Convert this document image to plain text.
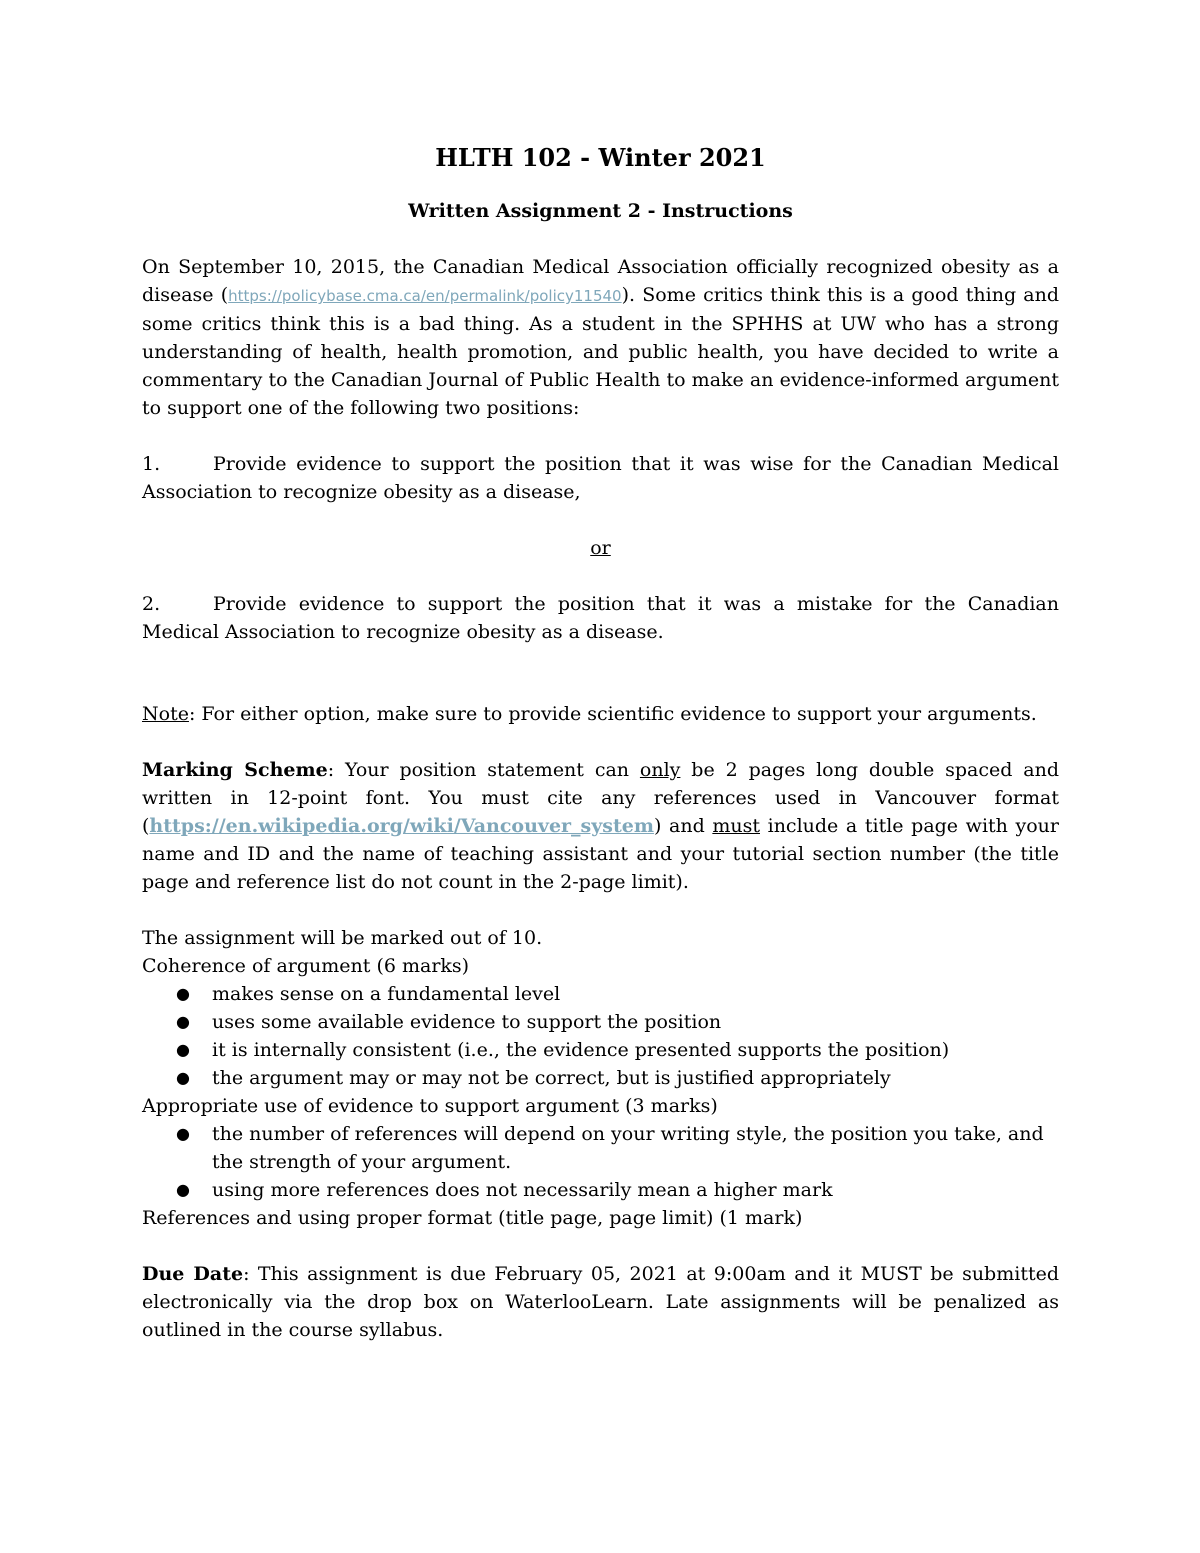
HLTH 102 - Winter 2021
Written Assignment 2 - Instructions

On September 10, 2015, the Canadian Medical Association officially recognized obesity as a disease (https://policybase.cma.ca/en/permalink/policy11540). Some critics think this is a good thing and some critics think this is a bad thing. As a student in the SPHHS at UW who has a strong understanding of health, health promotion, and public health, you have decided to write a commentary to the Canadian Journal of Public Health to make an evidence-informed argument to support one of the following two positions:

1.	Provide evidence to support the position that it was wise for the Canadian Medical Association to recognize obesity as a disease,

or

2.	Provide evidence to support the position that it was a mistake for the Canadian Medical Association to recognize obesity as a disease.

Note: For either option, make sure to provide scientific evidence to support your arguments.

Marking Scheme: Your position statement can only be 2 pages long double spaced and written in 12-point font. You must cite any references used in Vancouver format (https://en.wikipedia.org/wiki/Vancouver_system) and must include a title page with your name and ID and the name of teaching assistant and your tutorial section number (the title page and reference list do not count in the 2-page limit).

The assignment will be marked out of 10.
Coherence of argument (6 marks)
● makes sense on a fundamental level
● uses some available evidence to support the position
● it is internally consistent (i.e., the evidence presented supports the position)
● the argument may or may not be correct, but is justified appropriately
Appropriate use of evidence to support argument (3 marks)
● the number of references will depend on your writing style, the position you take, and the strength of your argument.
● using more references does not necessarily mean a higher mark
References and using proper format (title page, page limit) (1 mark)

Due Date: This assignment is due February 05, 2021 at 9:00am and it MUST be submitted electronically via the drop box on WaterlooLearn. Late assignments will be penalized as outlined in the course syllabus.
